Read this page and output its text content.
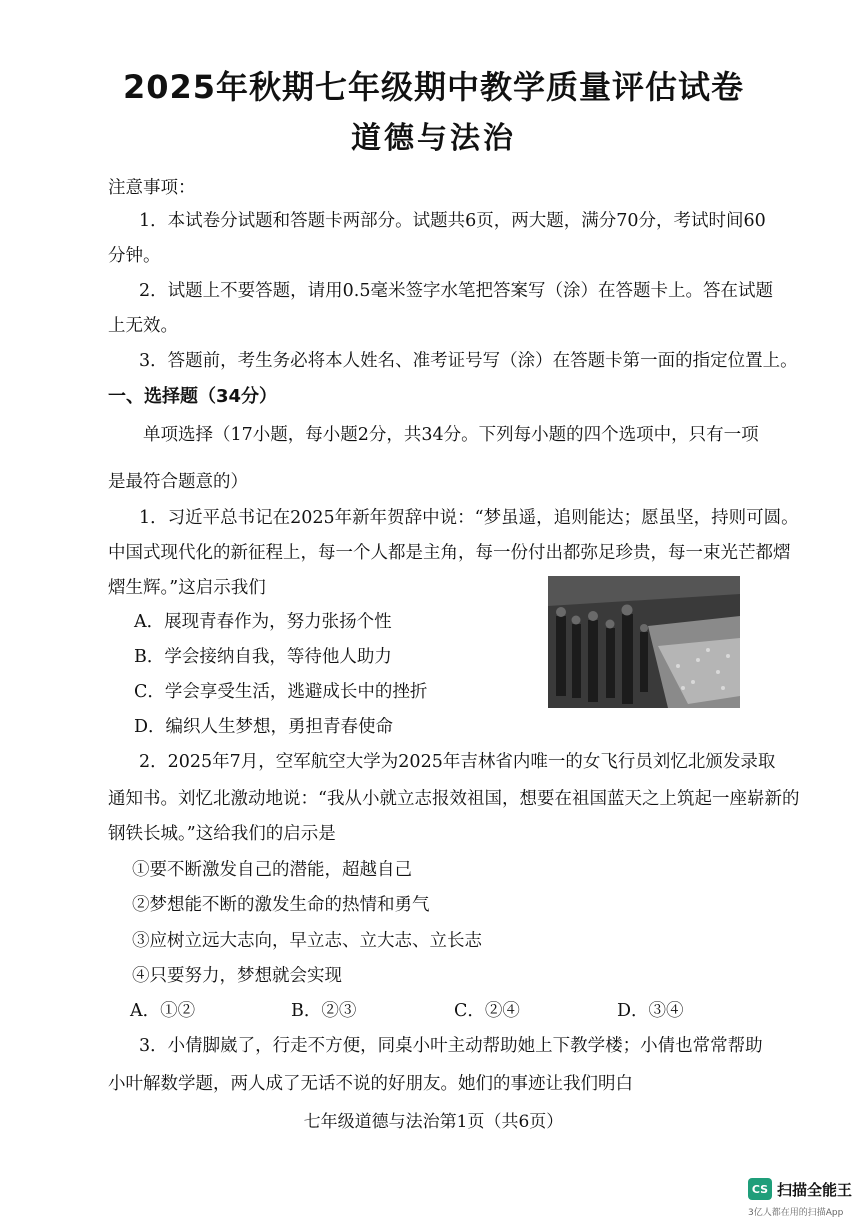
2025年秋期七年级期中教学质量评估试卷
道德与法治
注意事项：
1．本试卷分试题和答题卡两部分。试题共6页，两大题，满分70分，考试时间60
分钟。
2．试题上不要答题，请用0.5毫米签字水笔把答案写（涂）在答题卡上。答在试题
上无效。
3．答题前，考生务必将本人姓名、准考证号写（涂）在答题卡第一面的指定位置上。
一、选择题（34分）
单项选择（17小题，每小题2分，共34分。下列每小题的四个选项中，只有一项
是最符合题意的）
1．习近平总书记在2025年新年贺辞中说：“梦虽遥，追则能达；愿虽坚，持则可圆。
中国式现代化的新征程上，每一个人都是主角，每一份付出都弥足珍贵，每一束光芒都熠
熠生辉。”这启示我们
A．展现青春作为，努力张扬个性
B．学会接纳自我，等待他人助力
C．学会享受生活，逃避成长中的挫折
D．编织人生梦想，勇担青春使命
2．2025年7月，空军航空大学为2025年吉林省内唯一的女飞行员刘忆北颁发录取
通知书。刘忆北激动地说：“我从小就立志报效祖国，想要在祖国蓝天之上筑起一座崭新的
钢铁长城。”这给我们的启示是
①要不断激发自己的潜能，超越自己
②梦想能不断的激发生命的热情和勇气
③应树立远大志向，早立志、立大志、立长志
④只要努力，梦想就会实现
A．①②	B．②③	C．②④	D．③④
3．小倩脚崴了，行走不方便，同桌小叶主动帮助她上下教学楼；小倩也常常帮助
小叶解数学题，两人成了无话不说的好朋友。她们的事迹让我们明白
七年级道德与法治第1页（共6页）
CS 扫描全能王
3亿人都在用的扫描App
